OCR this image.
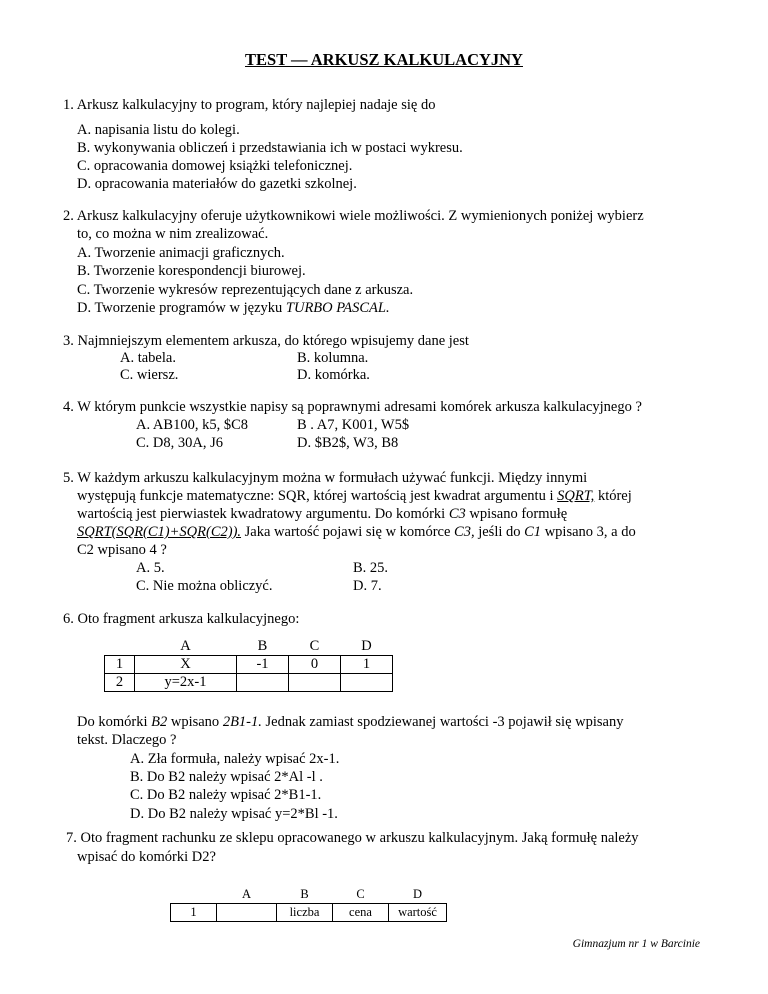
TEST — ARKUSZ KALKULACYJNY
1. Arkusz kalkulacyjny to program, który najlepiej nadaje się do
A. napisania listu do kolegi.
B. wykonywania obliczeń i przedstawiania ich w postaci wykresu.
C. opracowania domowej książki telefonicznej.
D. opracowania materiałów do gazetki szkolnej.
2. Arkusz kalkulacyjny oferuje użytkownikowi wiele możliwości. Z wymienionych poniżej wybierz
to, co można w nim zrealizować.
A. Tworzenie animacji graficznych.
B. Tworzenie korespondencji biurowej.
C. Tworzenie wykresów reprezentujących dane z arkusza.
D. Tworzenie programów w języku TURBO PASCAL.
3. Najmniejszym elementem arkusza, do którego wpisujemy dane jest
A. tabela.	B. kolumna.
C. wiersz.	D. komórka.
4. W którym punkcie wszystkie napisy są poprawnymi adresami komórek arkusza kalkulacyjnego ?
A. AB100, k5, $C8	B . A7, K001, W5$
C. D8, 30A, J6	D. $B2$, W3, B8
5. W każdym arkuszu kalkulacyjnym można w formułach używać funkcji. Między innymi
występują funkcje matematyczne: SQR, której wartością jest kwadrat argumentu i SQRT, której
wartością jest pierwiastek kwadratowy argumentu. Do komórki C3 wpisano formułę
SQRT(SQR(C1)+SQR(C2)). Jaka wartość pojawi się w komórce C3, jeśli do C1 wpisano 3, a do
C2 wpisano 4 ?
A. 5.	B. 25.
C. Nie można obliczyć.	D. 7.
6. Oto fragment arkusza kalkulacyjnego:
	A	B	C	D
1	X	-1	0	1
2	y=2x-1			
Do komórki B2 wpisano 2B1-1. Jednak zamiast spodziewanej wartości -3 pojawił się wpisany
tekst. Dlaczego ?
A. Zła formuła, należy wpisać 2x-1.
B. Do B2 należy wpisać 2*Al -l .
C. Do B2 należy wpisać 2*B1-1.
D. Do B2 należy wpisać y=2*Bl -1.
7. Oto fragment rachunku ze sklepu opracowanego w arkuszu kalkulacyjnym. Jaką formułę należy
wpisać do komórki D2?
	A	B	C	D
1		liczba	cena	wartość
Gimnazjum nr 1 w Barcinie
